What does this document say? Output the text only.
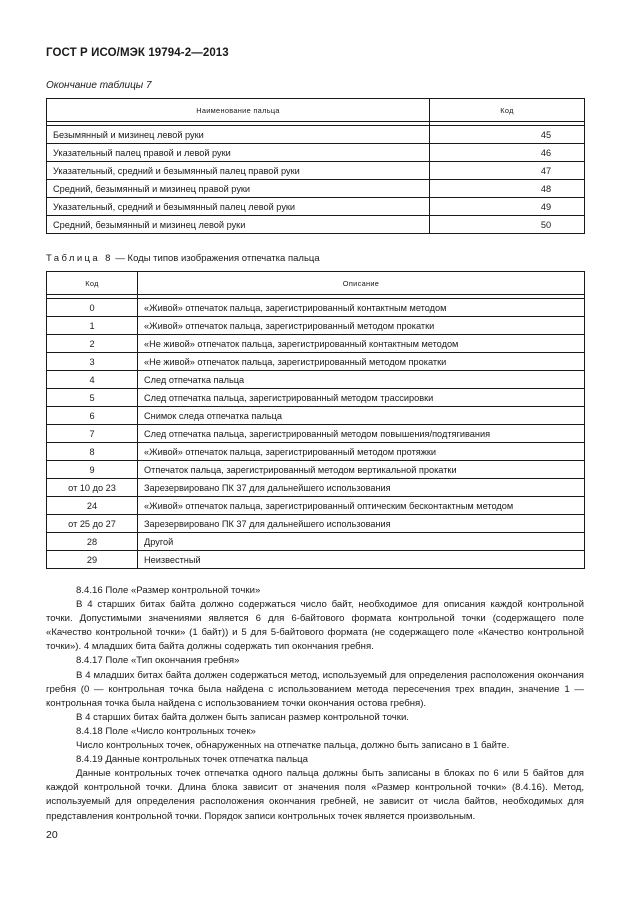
ГОСТ Р ИСО/МЭК 19794-2—2013
Окончание таблицы 7
Наименование пальца	Код

Безымянный и мизинец левой руки	45
Указательный палец правой и левой руки	46
Указательный, средний и безымянный палец правой руки	47
Средний, безымянный и мизинец правой руки	48
Указательный, средний и безымянный палец левой руки	49
Средний, безымянный и мизинец левой руки	50
Таблица 8 — Коды типов изображения отпечатка пальца
Код	Описание

0	«Живой» отпечаток пальца, зарегистрированный контактным методом
1	«Живой» отпечаток пальца, зарегистрированный методом прокатки
2	«Не живой» отпечаток пальца, зарегистрированный контактным методом
3	«Не живой» отпечаток пальца, зарегистрированный методом прокатки
4	След отпечатка пальца
5	След отпечатка пальца, зарегистрированный методом трассировки
6	Снимок следа отпечатка пальца
7	След отпечатка пальца, зарегистрированный методом повышения/подтягивания
8	«Живой» отпечаток пальца, зарегистрированный методом протяжки
9	Отпечаток пальца, зарегистрированный методом вертикальной прокатки
от 10 до 23	Зарезервировано ПК 37 для дальнейшего использования
24	«Живой» отпечаток пальца, зарегистрированный оптическим бесконтактным методом
от 25 до 27	Зарезервировано ПК 37 для дальнейшего использования
28	Другой
29	Неизвестный

8.4.16 Поле «Размер контрольной точки»

В 4 старших битах байта должно содержаться число байт, необходимое для описания каждой контрольной точки. Допустимыми значениями является 6 для 6-байтового формата контрольной точки (содержащего поле «Качество контрольной точки» (1 байт)) и 5 для 5-байтового формата (не содержащего поле «Качество контрольной точки»). 4 младших бита байта должны содержать тип окончания гребня.

8.4.17 Поле «Тип окончания гребня»

В 4 младших битах байта должен содержаться метод, используемый для определения расположения окончания гребня (0 — контрольная точка была найдена с использованием метода пересечения трех впадин, значение 1 — контрольная точка была найдена с использованием точки окончания остова гребня).

В 4 старших битах байта должен быть записан размер контрольной точки.

8.4.18 Поле «Число контрольных точек»

Число контрольных точек, обнаруженных на отпечатке пальца, должно быть записано в 1 байте.

8.4.19 Данные контрольных точек отпечатка пальца

Данные контрольных точек отпечатка одного пальца должны быть записаны в блоках по 6 или 5 байтов для каждой контрольной точки. Длина блока зависит от значения поля «Размер контрольной точки» (8.4.16). Метод, используемый для определения расположения окончания гребней, не зависит от числа байтов, необходимых для представления контрольной точки. Порядок записи контрольных точек является произвольным.

20
